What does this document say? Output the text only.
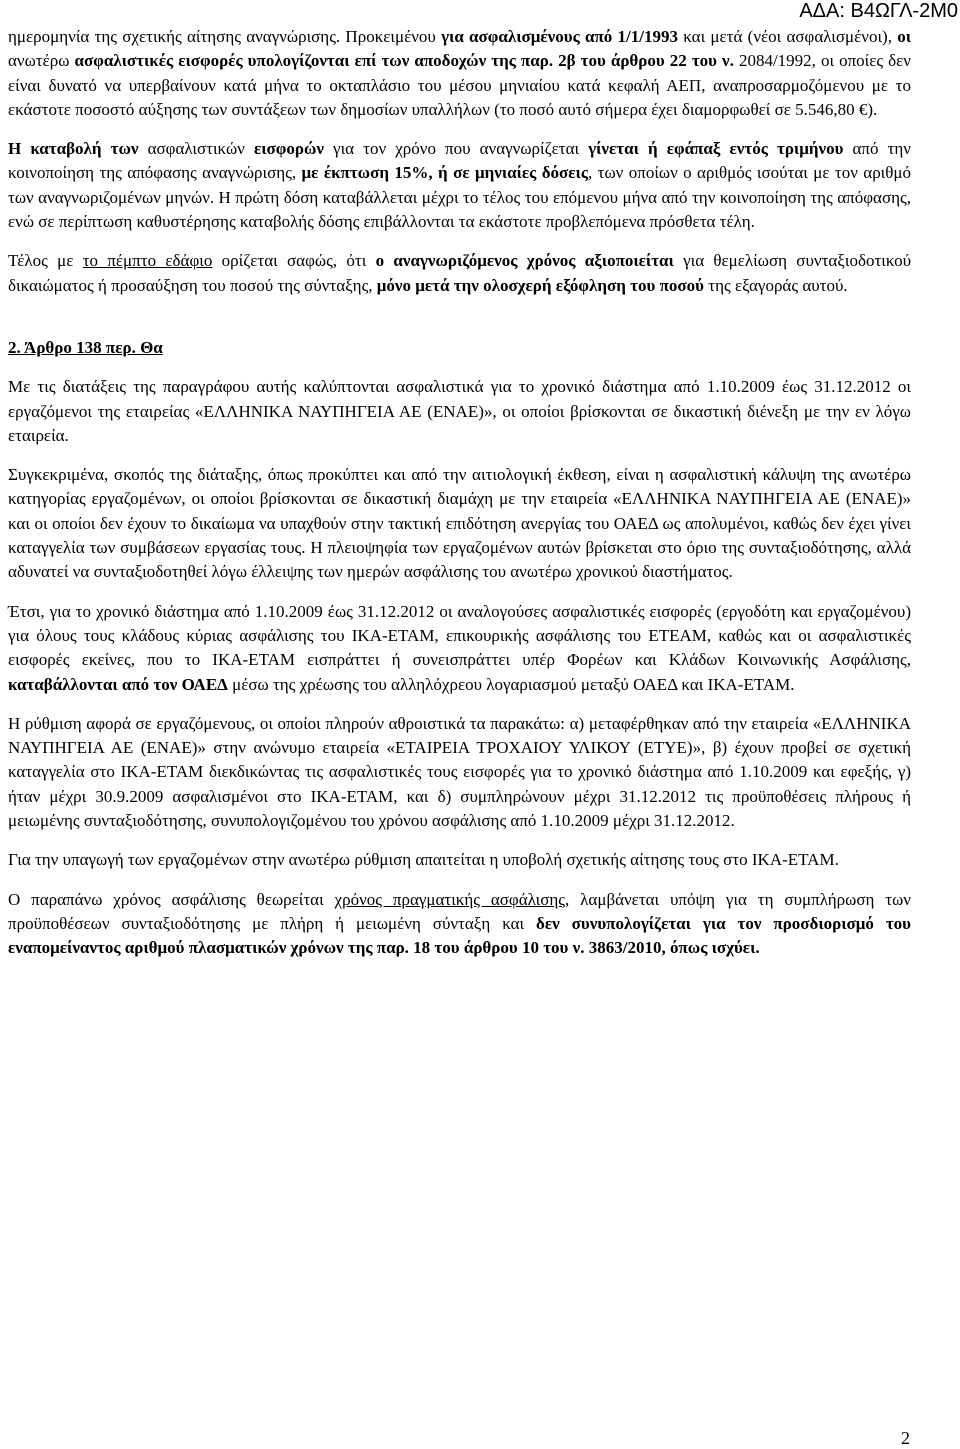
ΑΔΑ: Β4ΩΓΛ-2Μ0

ημερομηνία της σχετικής αίτησης αναγνώρισης. Προκειμένου για ασφαλισμένους από 1/1/1993 και μετά (νέοι ασφαλισμένοι), οι ανωτέρω ασφαλιστικές εισφορές υπολογίζονται επί των αποδοχών της παρ. 2β του άρθρου 22 του ν. 2084/1992, οι οποίες δεν είναι δυνατό να υπερβαίνουν κατά μήνα το οκταπλάσιο του μέσου μηνιαίου κατά κεφαλή ΑΕΠ, αναπροσαρμοζόμενου με το εκάστοτε ποσοστό αύξησης των συντάξεων των δημοσίων υπαλλήλων (το ποσό αυτό σήμερα έχει διαμορφωθεί σε 5.546,80 €).

Η καταβολή των ασφαλιστικών εισφορών για τον χρόνο που αναγνωρίζεται γίνεται ή εφάπαξ εντός τριμήνου από την κοινοποίηση της απόφασης αναγνώρισης, με έκπτωση 15%, ή σε μηνιαίες δόσεις, των οποίων ο αριθμός ισούται με τον αριθμό των αναγνωριζομένων μηνών. Η πρώτη δόση καταβάλλεται μέχρι το τέλος του επόμενου μήνα από την κοινοποίηση της απόφασης, ενώ σε περίπτωση καθυστέρησης καταβολής δόσης επιβάλλονται τα εκάστοτε προβλεπόμενα πρόσθετα τέλη.

Τέλος με το πέμπτο εδάφιο ορίζεται σαφώς, ότι ο αναγνωριζόμενος χρόνος αξιοποιείται για θεμελίωση συνταξιοδοτικού δικαιώματος ή προσαύξηση του ποσού της σύνταξης, μόνο μετά την ολοσχερή εξόφληση του ποσού της εξαγοράς αυτού.

2. Άρθρο 138 περ. Θα

Με τις διατάξεις της παραγράφου αυτής καλύπτονται ασφαλιστικά για το χρονικό διάστημα από 1.10.2009 έως 31.12.2012 οι εργαζόμενοι της εταιρείας «ΕΛΛΗΝΙΚΑ ΝΑΥΠΗΓΕΙΑ ΑΕ (ΕΝΑΕ)», οι οποίοι βρίσκονται σε δικαστική διένεξη με την εν λόγω εταιρεία.

Συγκεκριμένα, σκοπός της διάταξης, όπως προκύπτει και από την αιτιολογική έκθεση, είναι η ασφαλιστική κάλυψη της ανωτέρω κατηγορίας εργαζομένων, οι οποίοι βρίσκονται σε δικαστική διαμάχη με την εταιρεία «ΕΛΛΗΝΙΚΑ ΝΑΥΠΗΓΕΙΑ ΑΕ (ΕΝΑΕ)» και οι οποίοι δεν έχουν το δικαίωμα να υπαχθούν στην τακτική επιδότηση ανεργίας του ΟΑΕΔ ως απολυμένοι, καθώς δεν έχει γίνει καταγγελία των συμβάσεων εργασίας τους. Η πλειοψηφία των εργαζομένων αυτών βρίσκεται στο όριο της συνταξιοδότησης, αλλά αδυνατεί να συνταξιοδοτηθεί λόγω έλλειψης των ημερών ασφάλισης του ανωτέρω χρονικού διαστήματος.

Έτσι, για το χρονικό διάστημα από 1.10.2009 έως 31.12.2012 οι αναλογούσες ασφαλιστικές εισφορές (εργοδότη και εργαζομένου) για όλους τους κλάδους κύριας ασφάλισης του ΙΚΑ-ΕΤΑΜ, επικουρικής ασφάλισης του ΕΤΕΑΜ, καθώς και οι ασφαλιστικές εισφορές εκείνες, που το ΙΚΑ-ΕΤΑΜ εισπράττει ή συνεισπράττει υπέρ Φορέων και Κλάδων Κοινωνικής Ασφάλισης, καταβάλλονται από τον ΟΑΕΔ μέσω της χρέωσης του αλληλόχρεου λογαριασμού μεταξύ ΟΑΕΔ και ΙΚΑ-ΕΤΑΜ.

Η ρύθμιση αφορά σε εργαζόμενους, οι οποίοι πληρούν αθροιστικά τα παρακάτω: α) μεταφέρθηκαν από την εταιρεία «ΕΛΛΗΝΙΚΑ ΝΑΥΠΗΓΕΙΑ ΑΕ (ΕΝΑΕ)» στην ανώνυμο εταιρεία «ΕΤΑΙΡΕΙΑ ΤΡΟΧΑΙΟΥ ΥΛΙΚΟΥ (ΕΤΥΕ)», β) έχουν προβεί σε σχετική καταγγελία στο ΙΚΑ-ΕΤΑΜ διεκδικώντας τις ασφαλιστικές τους εισφορές για το χρονικό διάστημα από 1.10.2009 και εφεξής, γ) ήταν μέχρι 30.9.2009 ασφαλισμένοι στο ΙΚΑ-ΕΤΑΜ, και δ) συμπληρώνουν μέχρι 31.12.2012 τις προϋποθέσεις πλήρους ή μειωμένης συνταξιοδότησης, συνυπολογιζομένου του χρόνου ασφάλισης από 1.10.2009 μέχρι 31.12.2012.

Για την υπαγωγή των εργαζομένων στην ανωτέρω ρύθμιση απαιτείται η υποβολή σχετικής αίτησης τους στο ΙΚΑ-ΕΤΑΜ.

Ο παραπάνω χρόνος ασφάλισης θεωρείται χρόνος πραγματικής ασφάλισης, λαμβάνεται υπόψη για τη συμπλήρωση των προϋποθέσεων συνταξιοδότησης με πλήρη ή μειωμένη σύνταξη και δεν συνυπολογίζεται για τον προσδιορισμό του εναπομείναντος αριθμού πλασματικών χρόνων της παρ. 18 του άρθρου 10 του ν. 3863/2010, όπως ισχύει.

2
